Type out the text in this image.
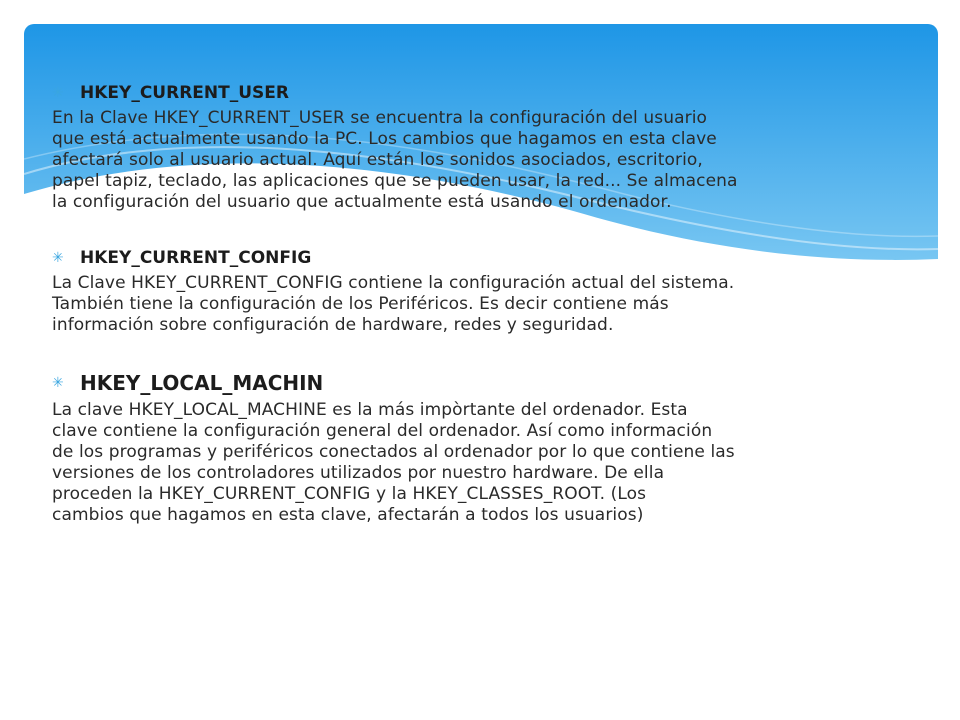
✳ HKEY_CURRENT_USER

En la Clave HKEY_CURRENT_USER se encuentra la configuración del usuario
que está actualmente usando la PC. Los cambios que hagamos en esta clave
afectará solo al usuario actual. Aquí están los sonidos asociados, escritorio,
papel tapiz, teclado, las aplicaciones que se pueden usar, la red... Se almacena
la configuración del usuario que actualmente está usando el ordenador.

✳ HKEY_CURRENT_CONFIG

La Clave HKEY_CURRENT_CONFIG contiene la configuración actual del sistema.
También tiene la configuración de los Periféricos. Es decir contiene más
información sobre configuración de hardware, redes y seguridad.

✳ HKEY_LOCAL_MACHIN

La clave HKEY_LOCAL_MACHINE es la más impòrtante del ordenador. Esta
clave contiene la configuración general del ordenador. Así como información
de los programas y periféricos conectados al ordenador por lo que contiene las
versiones de los controladores utilizados por nuestro hardware. De ella
proceden la HKEY_CURRENT_CONFIG y la HKEY_CLASSES_ROOT. (Los
cambios que hagamos en esta clave, afectarán a todos los usuarios)
